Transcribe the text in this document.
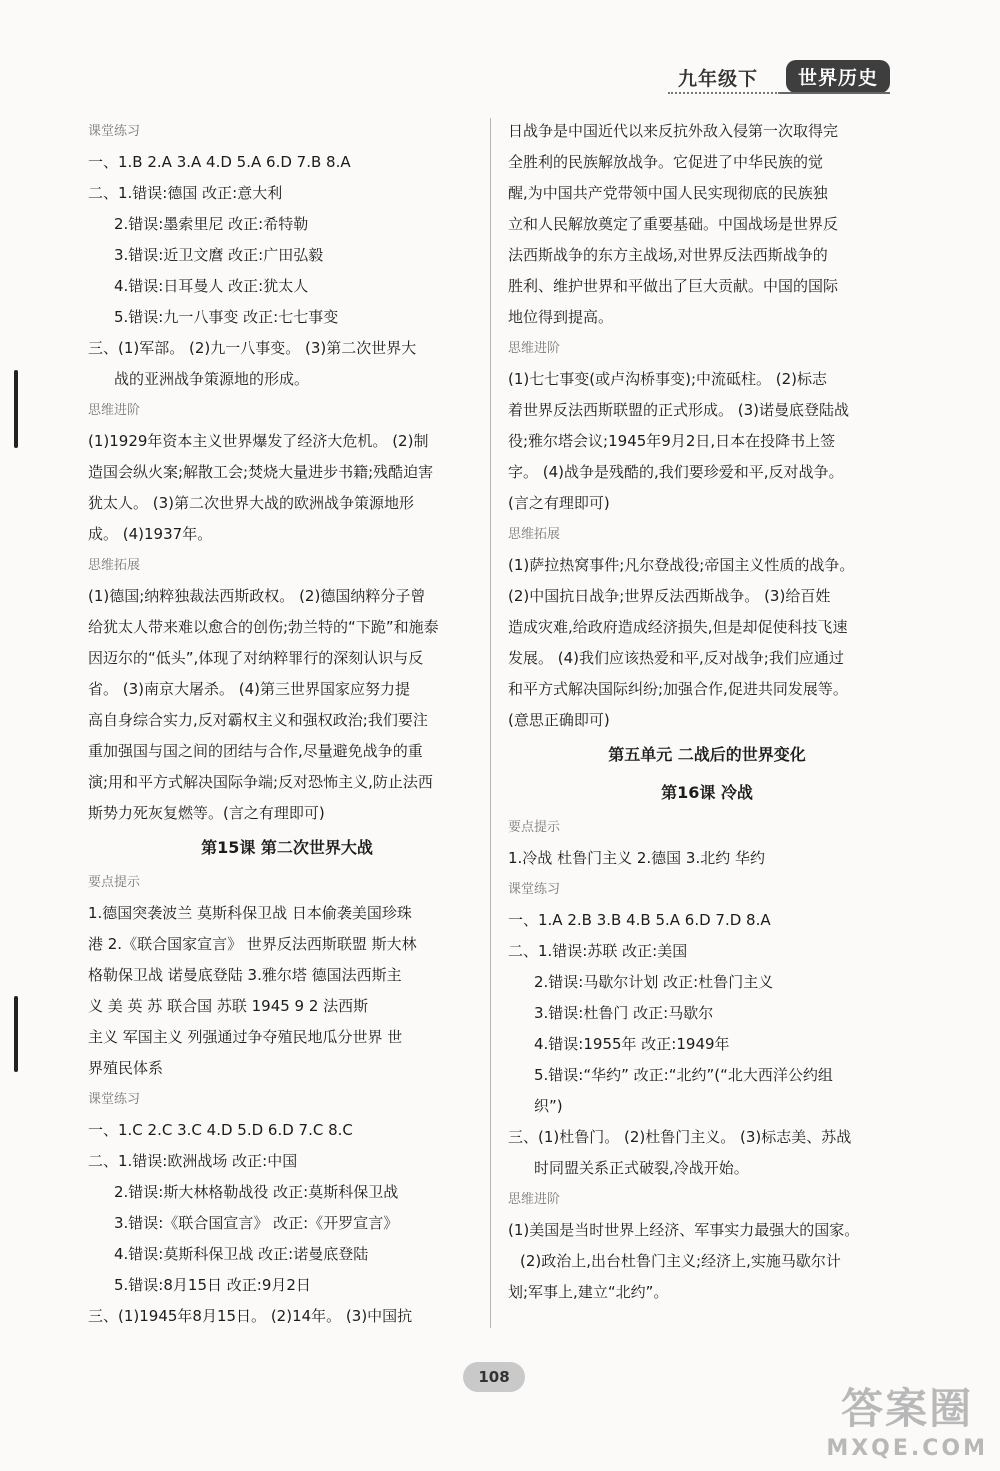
九年级下	世界历史
课堂练习
一、1.B 2.A 3.A 4.D 5.A 6.D 7.B 8.A
二、1.错误:德国 改正:意大利
2.错误:墨索里尼 改正:希特勒
3.错误:近卫文麿 改正:广田弘毅
4.错误:日耳曼人 改正:犹太人
5.错误:九一八事变 改正:七七事变
三、(1)军部。 (2)九一八事变。 (3)第二次世界大
战的亚洲战争策源地的形成。
思维进阶
(1)1929年资本主义世界爆发了经济大危机。 (2)制
造国会纵火案;解散工会;焚烧大量进步书籍;残酷迫害
犹太人。 (3)第二次世界大战的欧洲战争策源地形
成。 (4)1937年。
思维拓展
(1)德国;纳粹独裁法西斯政权。 (2)德国纳粹分子曾
给犹太人带来难以愈合的创伤;勃兰特的“下跪”和施泰
因迈尔的“低头”,体现了对纳粹罪行的深刻认识与反
省。 (3)南京大屠杀。 (4)第三世界国家应努力提
高自身综合实力,反对霸权主义和强权政治;我们要注
重加强国与国之间的团结与合作,尽量避免战争的重
演;用和平方式解决国际争端;反对恐怖主义,防止法西
斯势力死灰复燃等。(言之有理即可)
第15课 第二次世界大战
要点提示
1.德国突袭波兰 莫斯科保卫战 日本偷袭美国珍珠
港 2.《联合国家宣言》 世界反法西斯联盟 斯大林
格勒保卫战 诺曼底登陆 3.雅尔塔 德国法西斯主
义 美 英 苏 联合国 苏联 1945 9 2 法西斯
主义 军国主义 列强通过争夺殖民地瓜分世界 世
界殖民体系
课堂练习
一、1.C 2.C 3.C 4.D 5.D 6.D 7.C 8.C
二、1.错误:欧洲战场 改正:中国
2.错误:斯大林格勒战役 改正:莫斯科保卫战
3.错误:《联合国宣言》 改正:《开罗宣言》
4.错误:莫斯科保卫战 改正:诺曼底登陆
5.错误:8月15日 改正:9月2日
三、(1)1945年8月15日。 (2)14年。 (3)中国抗
日战争是中国近代以来反抗外敌入侵第一次取得完
全胜利的民族解放战争。它促进了中华民族的觉
醒,为中国共产党带领中国人民实现彻底的民族独
立和人民解放奠定了重要基础。中国战场是世界反
法西斯战争的东方主战场,对世界反法西斯战争的
胜利、维护世界和平做出了巨大贡献。中国的国际
地位得到提高。
思维进阶
(1)七七事变(或卢沟桥事变);中流砥柱。 (2)标志
着世界反法西斯联盟的正式形成。 (3)诺曼底登陆战
役;雅尔塔会议;1945年9月2日,日本在投降书上签
字。 (4)战争是残酷的,我们要珍爱和平,反对战争。
(言之有理即可)
思维拓展
(1)萨拉热窝事件;凡尔登战役;帝国主义性质的战争。
(2)中国抗日战争;世界反法西斯战争。 (3)给百姓
造成灾难,给政府造成经济损失,但是却促使科技飞速
发展。 (4)我们应该热爱和平,反对战争;我们应通过
和平方式解决国际纠纷;加强合作,促进共同发展等。
(意思正确即可)
第五单元 二战后的世界变化
第16课 冷战
要点提示
1.冷战 杜鲁门主义 2.德国 3.北约 华约
课堂练习
一、1.A 2.B 3.B 4.B 5.A 6.D 7.D 8.A
二、1.错误:苏联 改正:美国
2.错误:马歇尔计划 改正:杜鲁门主义
3.错误:杜鲁门 改正:马歇尔
4.错误:1955年 改正:1949年
5.错误:“华约” 改正:“北约”(“北大西洋公约组
织”)
三、(1)杜鲁门。 (2)杜鲁门主义。 (3)标志美、苏战
时同盟关系正式破裂,冷战开始。
思维进阶
(1)美国是当时世界上经济、军事实力最强大的国家。
(2)政治上,出台杜鲁门主义;经济上,实施马歇尔计
划;军事上,建立“北约”。
108
答案圈
MXQE.COM
